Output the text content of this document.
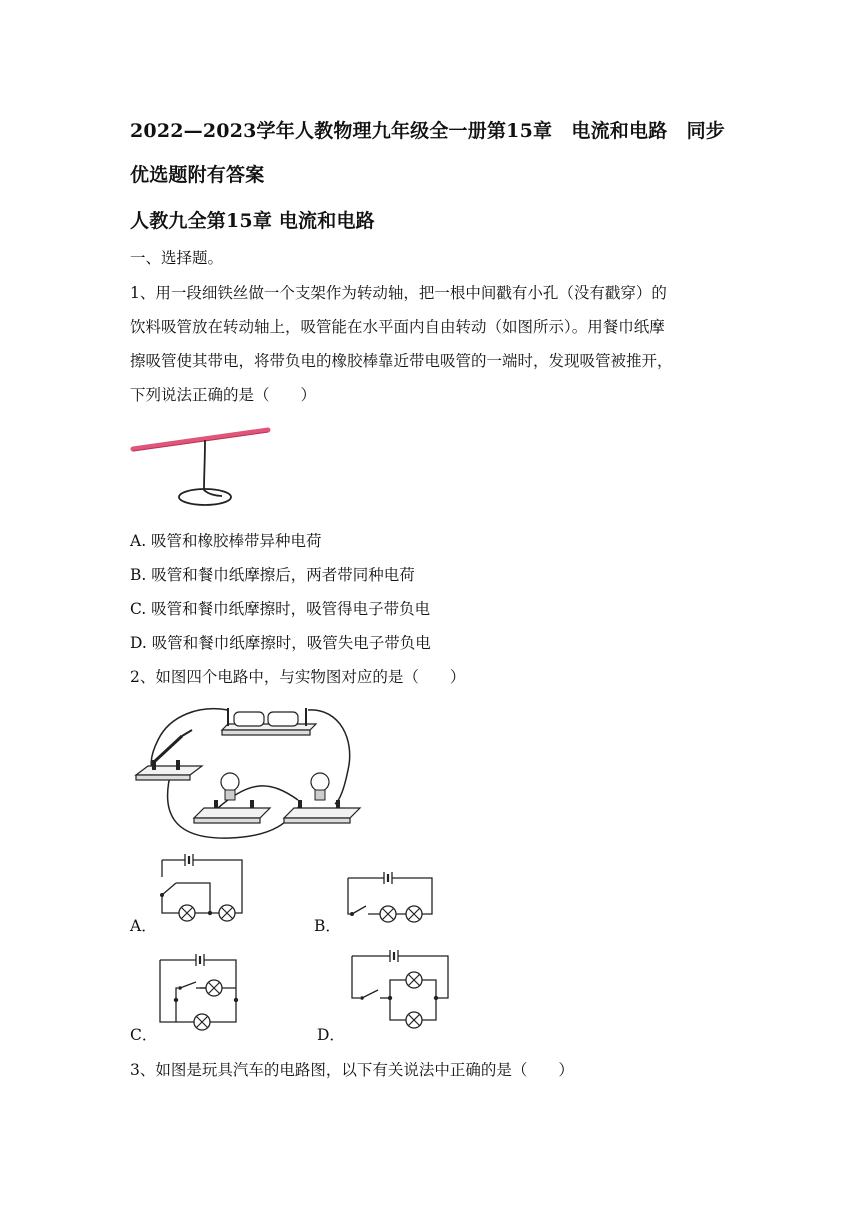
2022—2023学年人教物理九年级全一册第15章　电流和电路　同步
优选题附有答案
人教九全第15章 电流和电路
一、选择题。
1、用一段细铁丝做一个支架作为转动轴，把一根中间戳有小孔（没有戳穿）的
饮料吸管放在转动轴上，吸管能在水平面内自由转动（如图所示）。用餐巾纸摩
擦吸管使其带电，将带负电的橡胶棒靠近带电吸管的一端时，发现吸管被推开，
下列说法正确的是（　　）
A. 吸管和橡胶棒带异种电荷
B. 吸管和餐巾纸摩擦后，两者带同种电荷
C. 吸管和餐巾纸摩擦时，吸管得电子带负电
D. 吸管和餐巾纸摩擦时，吸管失电子带负电
2、如图四个电路中，与实物图对应的是（　　）
A．	B．
C．	D．
3、如图是玩具汽车的电路图，以下有关说法中正确的是（　　）
